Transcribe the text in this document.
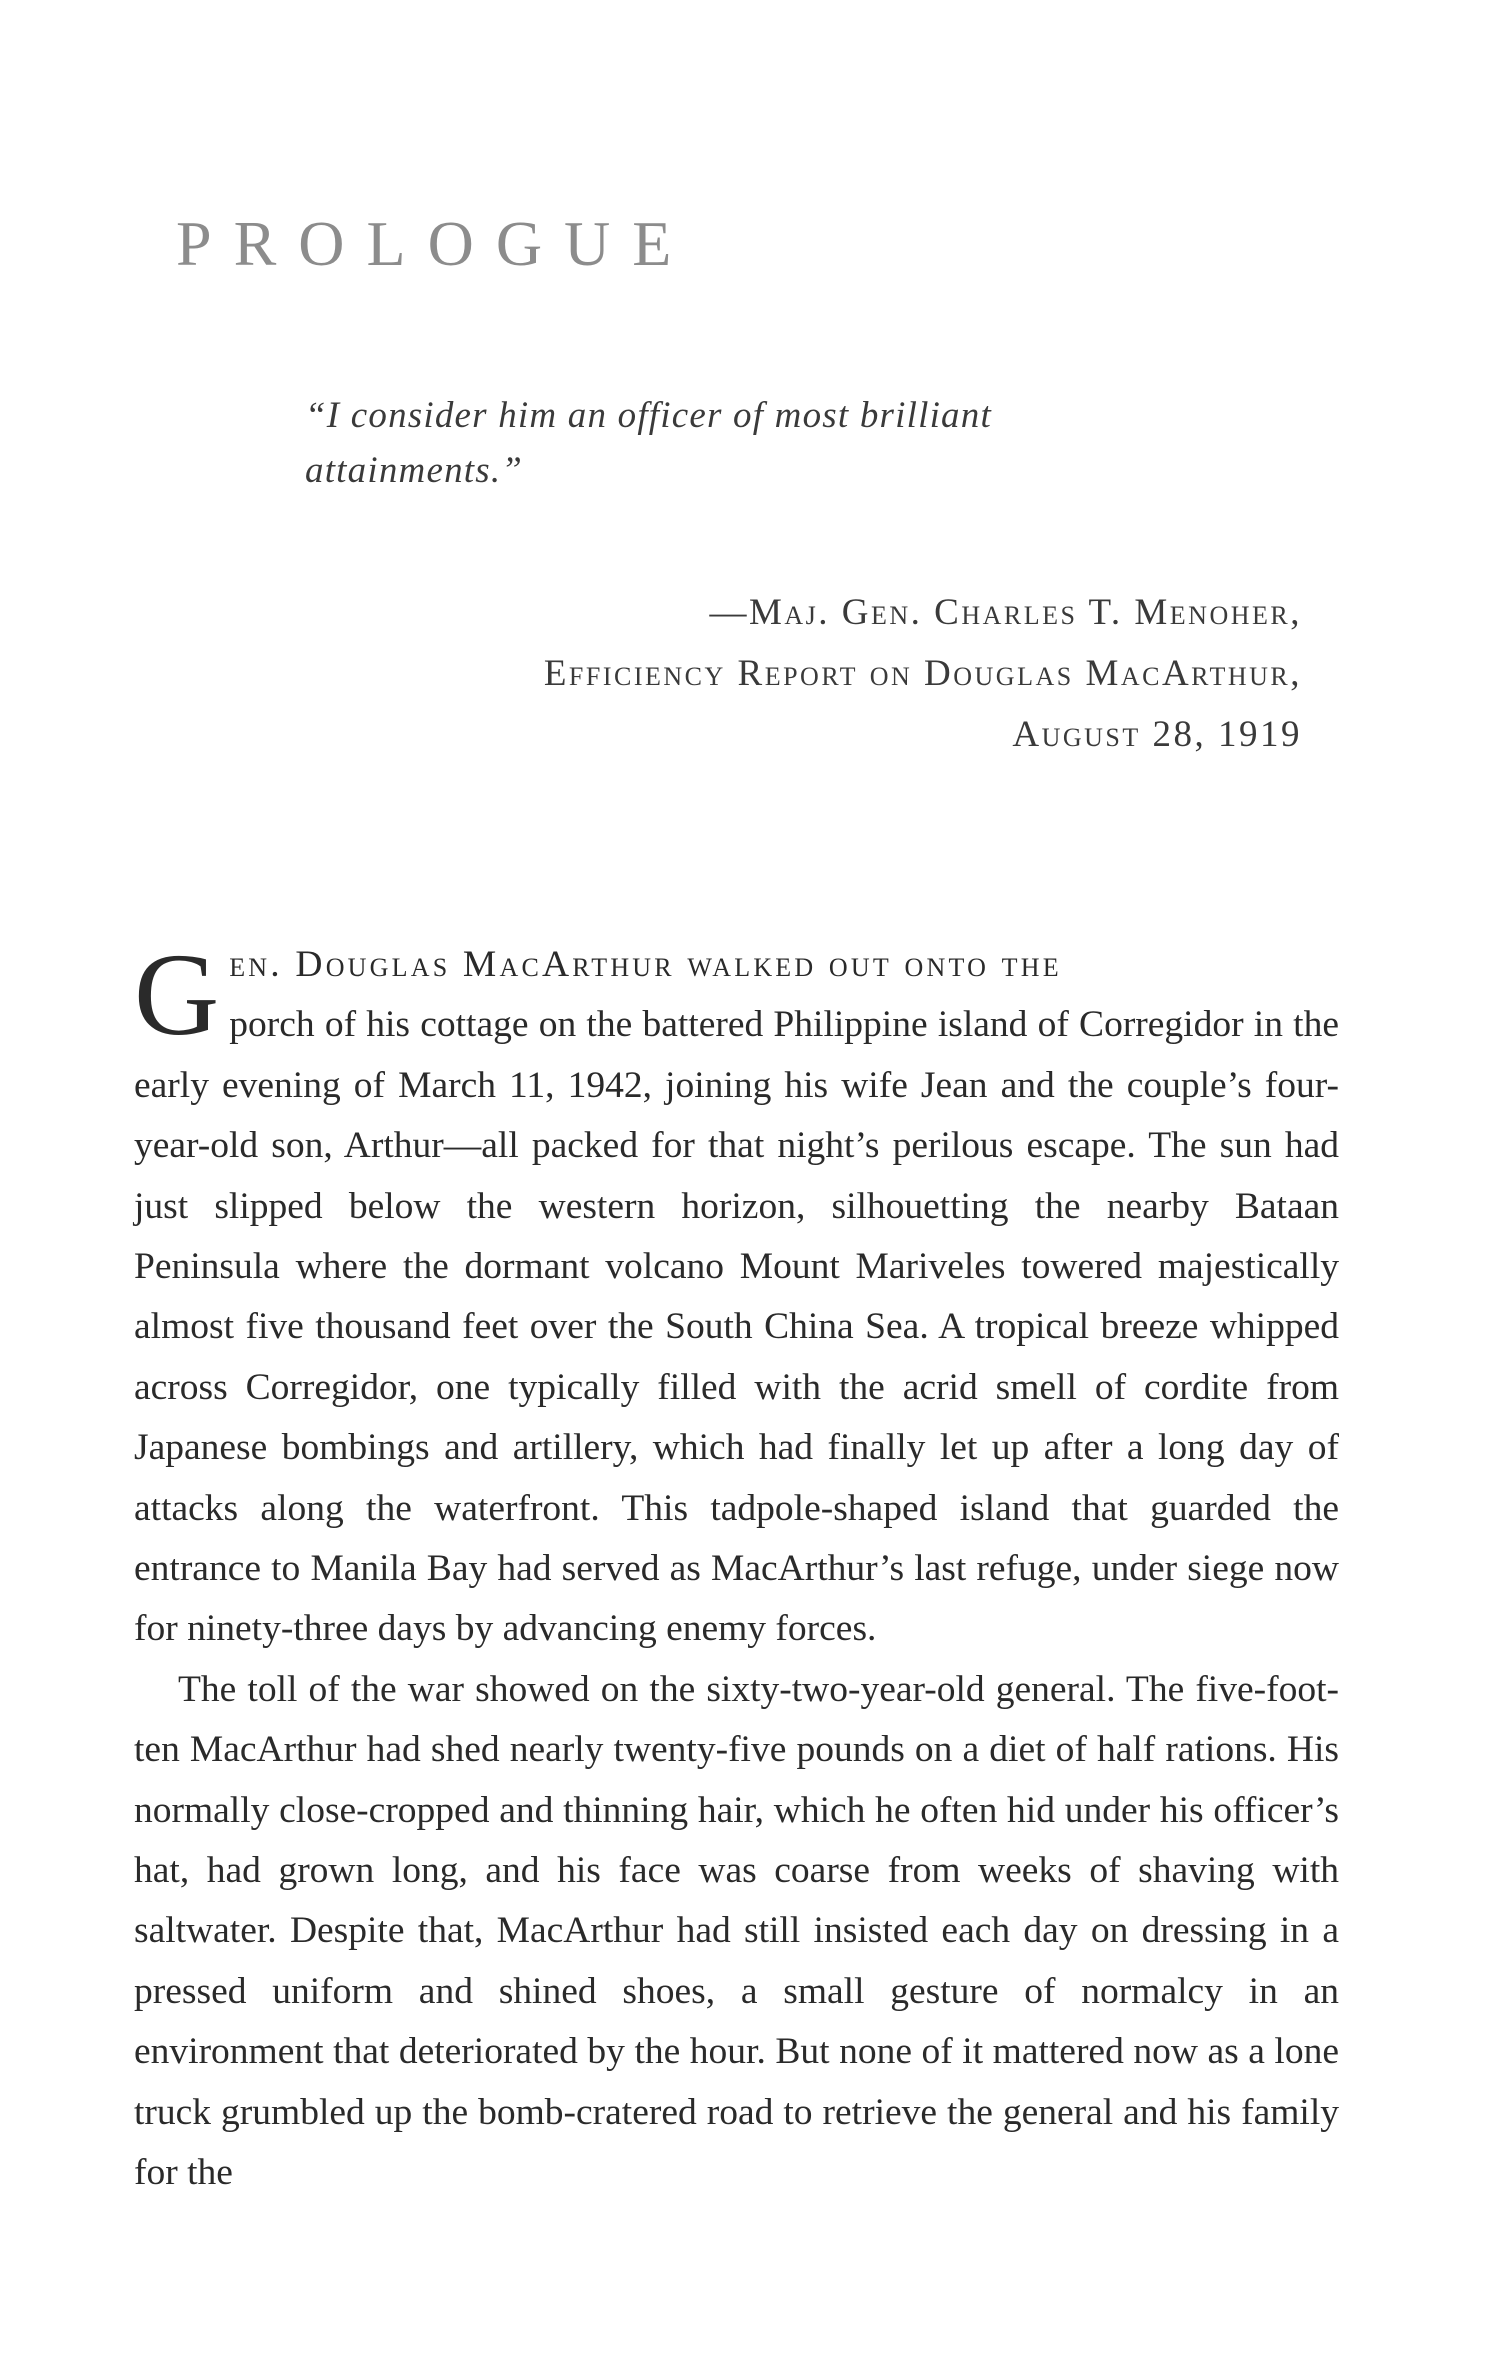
PROLOGUE
“I consider him an officer of most brilliant
attainments.”
—Maj. Gen. Charles T. Menoher,
Efficiency Report on Douglas MacArthur,
August 28, 1919

G en. Douglas MacArthur walked out onto the
porch of his cottage on the battered Philippine island of Corregidor in the early evening of March 11, 1942, joining his wife Jean and the couple’s four-year-old son, Arthur—all packed for that night’s perilous escape. The sun had just slipped below the western horizon, silhouetting the nearby Bataan Peninsula where the dormant volcano Mount Mariveles towered majestically almost five thousand feet over the South China Sea. A tropical breeze whipped across Corregidor, one typically filled with the acrid smell of cordite from Japanese bombings and artillery, which had finally let up after a long day of attacks along the waterfront. This tadpole-shaped island that guarded the entrance to Manila Bay had served as MacArthur’s last refuge, under siege now for ninety-three days by advancing enemy forces.

The toll of the war showed on the sixty-two-year-old general. The five-foot-ten MacArthur had shed nearly twenty-five pounds on a diet of half rations. His normally close-cropped and thinning hair, which he often hid under his officer’s hat, had grown long, and his face was coarse from weeks of shaving with saltwater. Despite that, MacArthur had still insisted each day on dressing in a pressed uniform and shined shoes, a small gesture of normalcy in an environment that deteriorated by the hour. But none of it mattered now as a lone truck grumbled up the bomb-cratered road to retrieve the general and his family for the
